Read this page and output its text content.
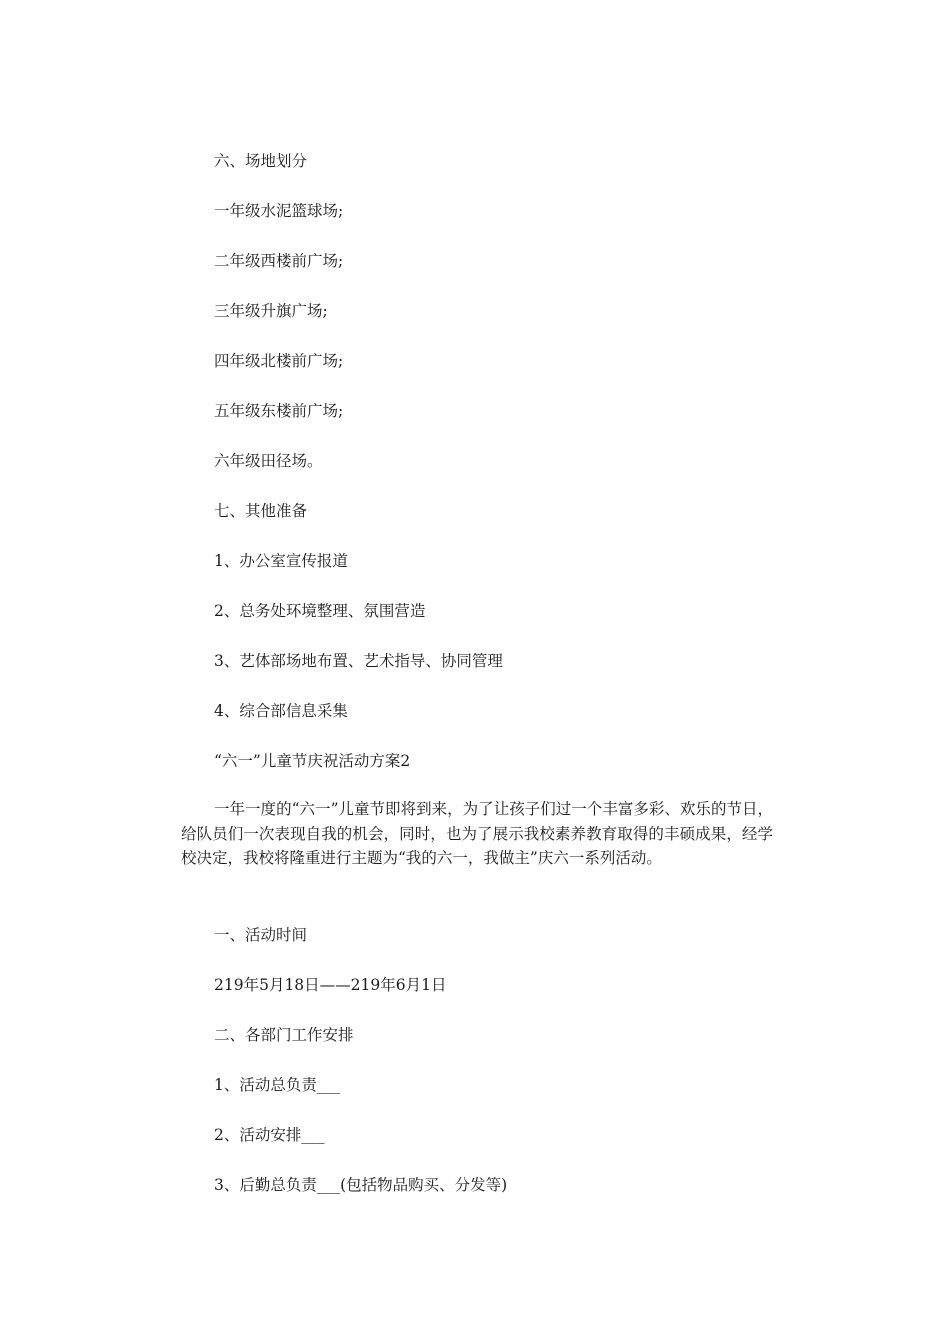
六、场地划分
一年级水泥篮球场;
二年级西楼前广场;
三年级升旗广场;
四年级北楼前广场;
五年级东楼前广场;
六年级田径场。
七、其他准备
1、办公室宣传报道
2、总务处环境整理、氛围营造
3、艺体部场地布置、艺术指导、协同管理
4、综合部信息采集
“六一”儿童节庆祝活动方案2
一年一度的“六一”儿童节即将到来，为了让孩子们过一个丰富多彩、欢乐的节日，给队员们一次表现自我的机会，同时，也为了展示我校素养教育取得的丰硕成果，经学校决定，我校将隆重进行主题为“我的六一，我做主”庆六一系列活动。
一、活动时间
219年5月18日——219年6月1日
二、各部门工作安排
1、活动总负责___
2、活动安排___
3、后勤总负责___(包括物品购买、分发等)
